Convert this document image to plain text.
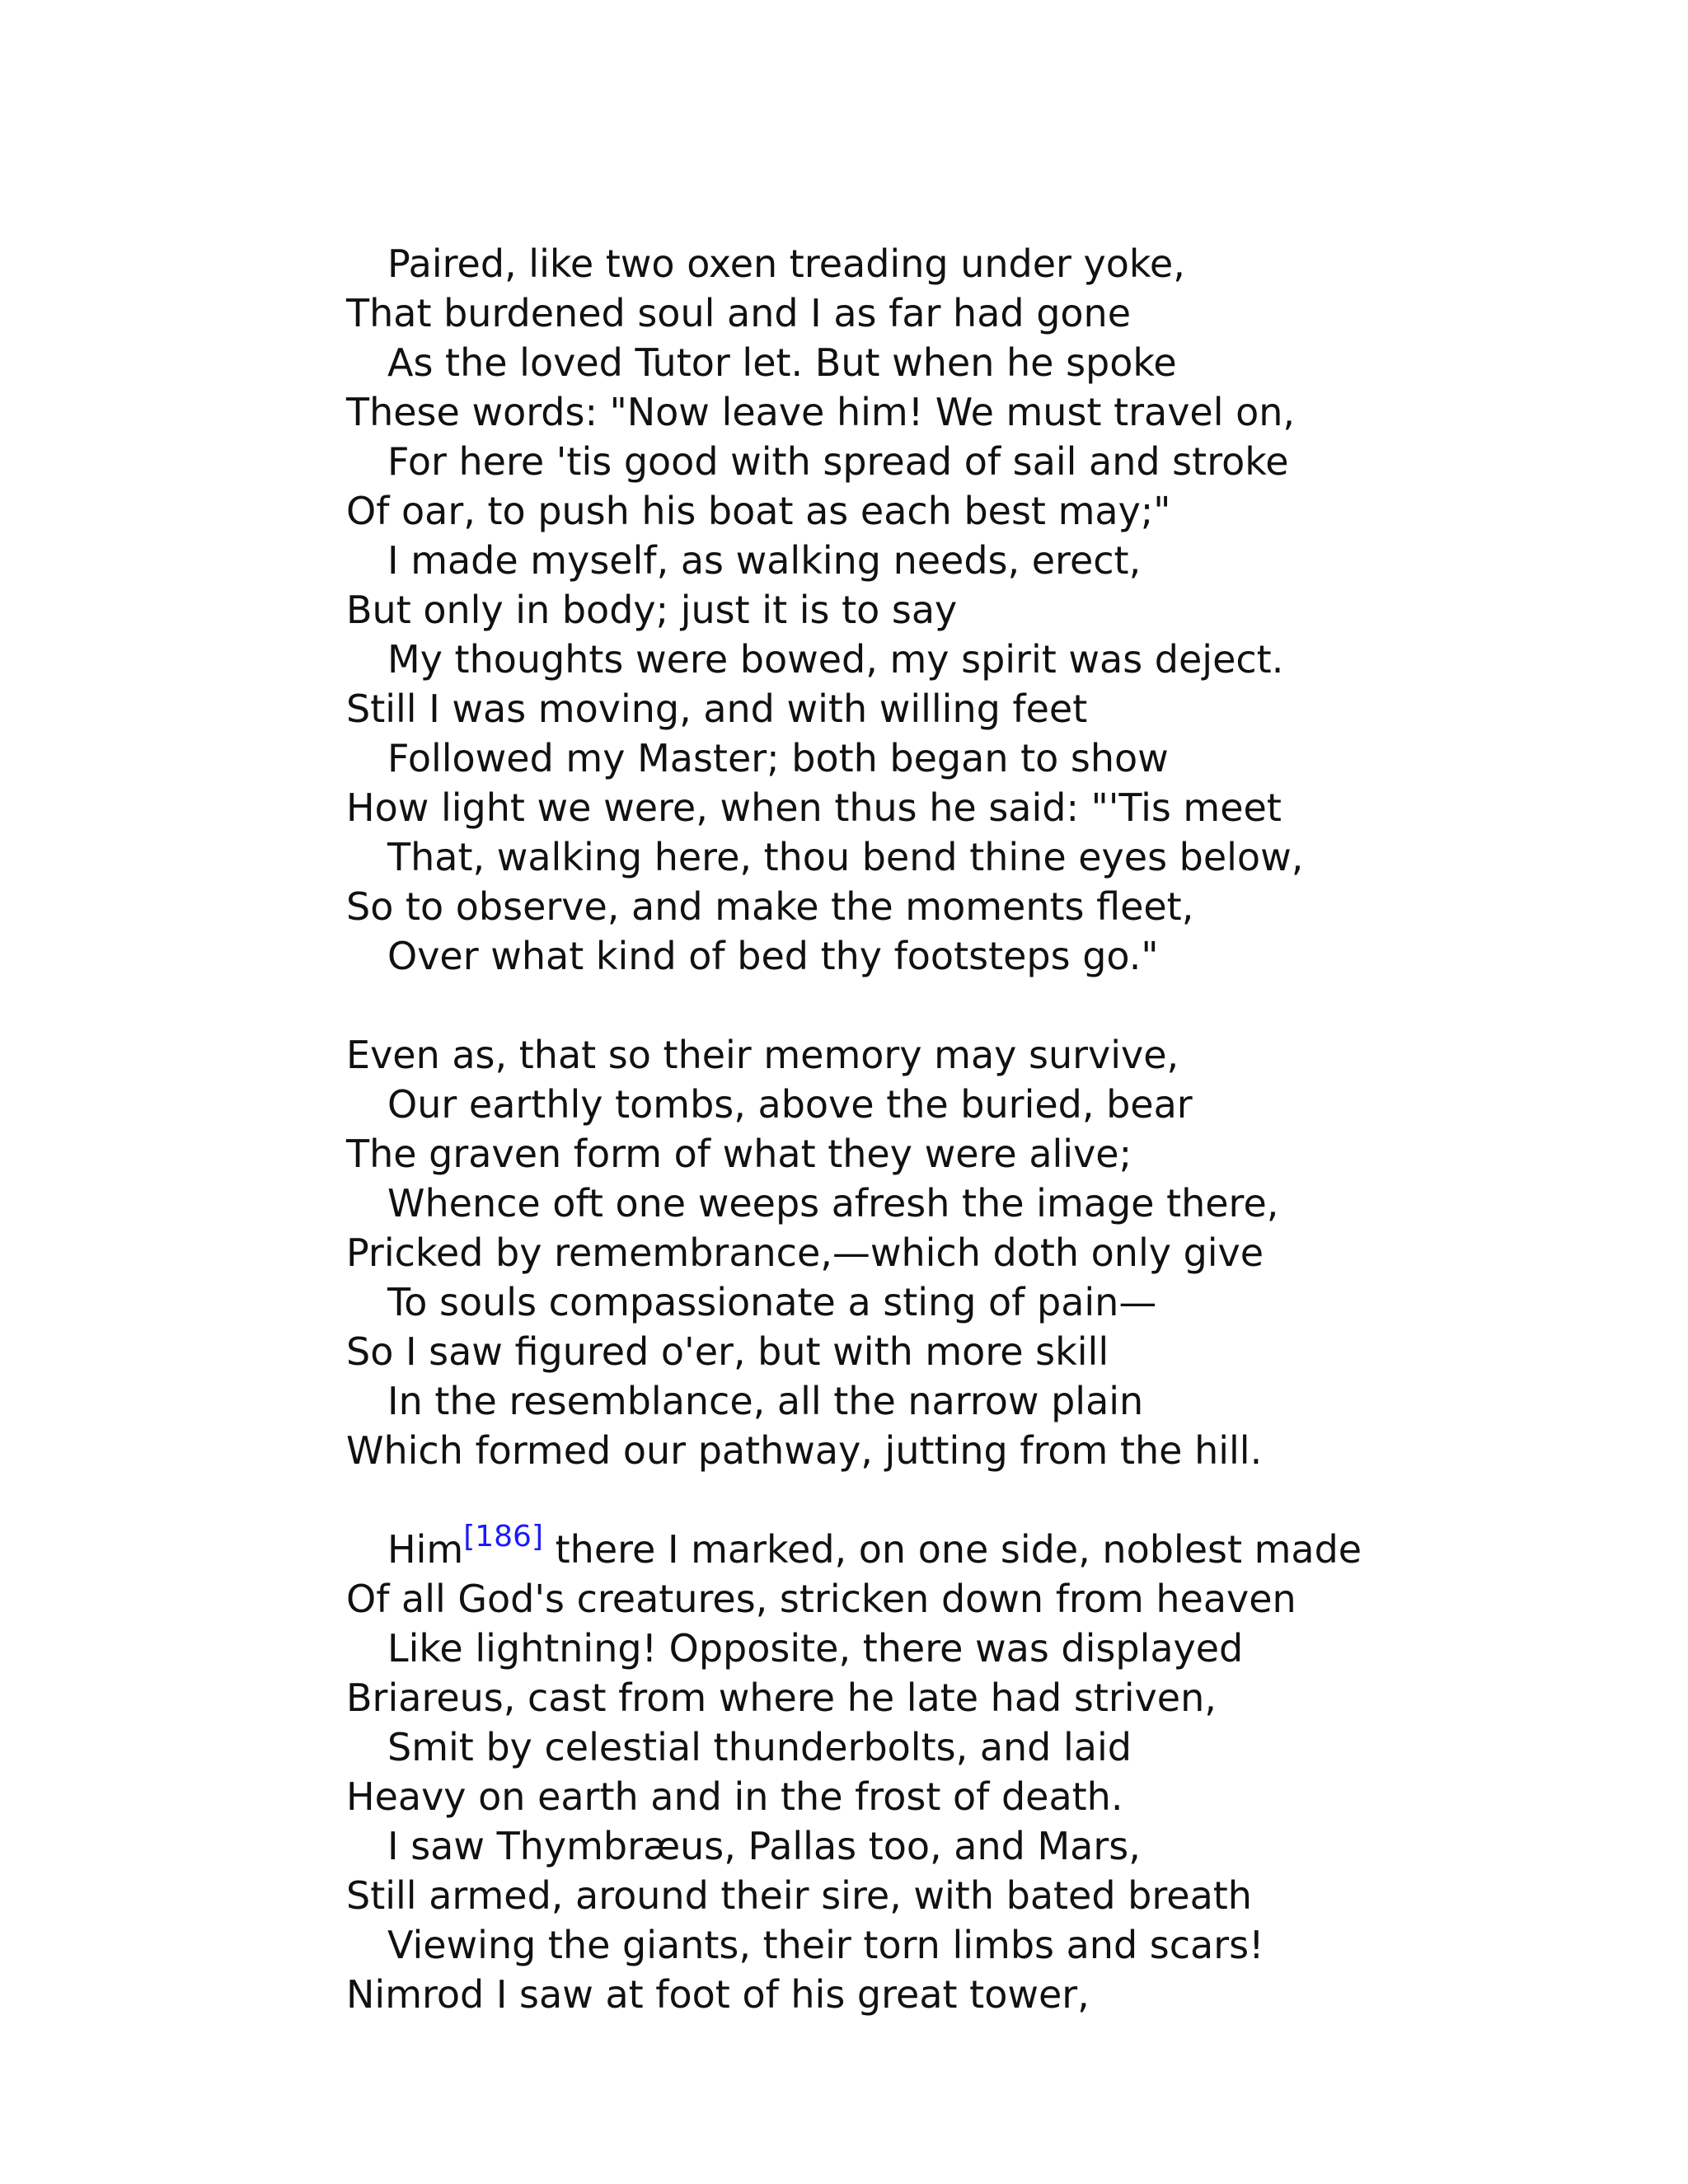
Paired, like two oxen treading under yoke,
That burdened soul and I as far had gone
As the loved Tutor let. But when he spoke
These words: "Now leave him! We must travel on,
For here 'tis good with spread of sail and stroke
Of oar, to push his boat as each best may;"
I made myself, as walking needs, erect,
But only in body; just it is to say
My thoughts were bowed, my spirit was deject.
Still I was moving, and with willing feet
Followed my Master; both began to show
How light we were, when thus he said: "'Tis meet
That, walking here, thou bend thine eyes below,
So to observe, and make the moments fleet,
Over what kind of bed thy footsteps go."
Even as, that so their memory may survive,
Our earthly tombs, above the buried, bear
The graven form of what they were alive;
Whence oft one weeps afresh the image there,
Pricked by remembrance,—which doth only give
To souls compassionate a sting of pain—
So I saw figured o'er, but with more skill
In the resemblance, all the narrow plain
Which formed our pathway, jutting from the hill.
Him[186] there I marked, on one side, noblest made
Of all God's creatures, stricken down from heaven
Like lightning! Opposite, there was displayed
Briareus, cast from where he late had striven,
Smit by celestial thunderbolts, and laid
Heavy on earth and in the frost of death.
I saw Thymbræus, Pallas too, and Mars,
Still armed, around their sire, with bated breath
Viewing the giants, their torn limbs and scars!
Nimrod I saw at foot of his great tower,
